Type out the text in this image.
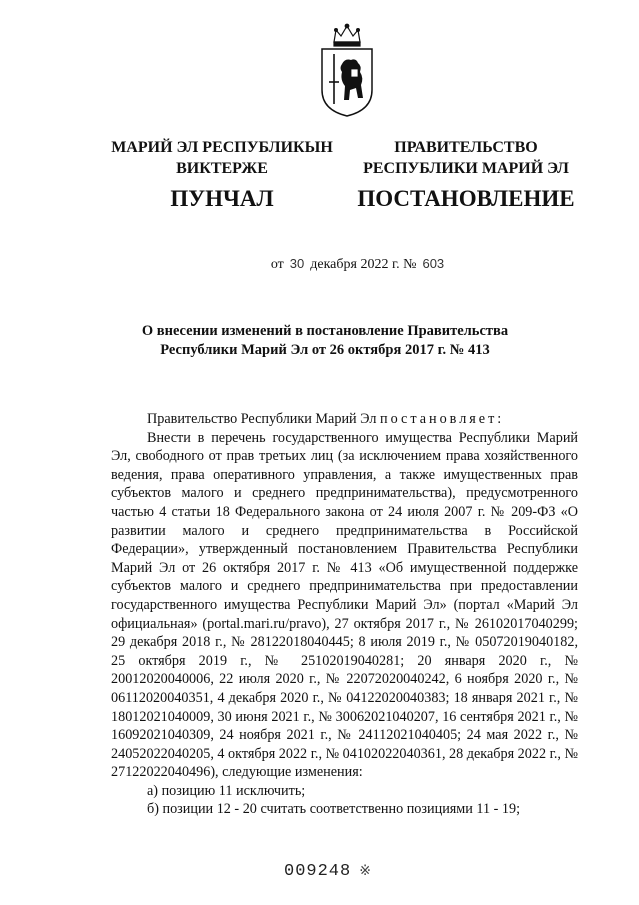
МАРИЙ ЭЛ РЕСПУБЛИКЫН
ВИКТЕРЖЕ
ПУНЧАЛ
ПРАВИТЕЛЬСТВО
РЕСПУБЛИКИ МАРИЙ ЭЛ
ПОСТАНОВЛЕНИЕ
от 30 декабря 2022 г. № 603
О внесении изменений в постановление Правительства
Республики Марий Эл от 26 октября 2017 г. № 413

Правительство Республики Марий Эл постановляет:

Внести в перечень государственного имущества Республики Марий Эл, свободного от прав третьих лиц (за исключением права хозяйственного ведения, права оперативного управления, а также имущественных прав субъектов малого и среднего предпринимательства), предусмотренного частью 4 статьи 18 Федерального закона от 24 июля 2007 г. № 209-ФЗ «О развитии малого и среднего предпринимательства в Российской Федерации», утвержденный постановлением Правительства Республики Марий Эл от 26 октября 2017 г. № 413 «Об имущественной поддержке субъектов малого и среднего предпринимательства при предоставлении государственного имущества Республики Марий Эл» (портал «Марий Эл официальная» (portal.mari.ru/pravo), 27 октября 2017 г., № 26102017040299; 29 декабря 2018 г., № 28122018040445; 8 июля 2019 г., № 05072019040182, 25 октября 2019 г., № 25102019040281; 20 января 2020 г., № 20012020040006, 22 июля 2020 г., № 22072020040242, 6 ноября 2020 г., № 06112020040351, 4 декабря 2020 г., № 04122020040383; 18 января 2021 г., № 18012021040009, 30 июня 2021 г., № 30062021040207, 16 сентября 2021 г., № 16092021040309, 24 ноября 2021 г., № 24112021040405; 24 мая 2022 г., № 24052022040205, 4 октября 2022 г., № 04102022040361, 28 декабря 2022 г., № 27122022040496), следующие изменения:

а) позицию 11 исключить;

б) позиции 12 - 20 считать соответственно позициями 11 - 19;

009248 ※
